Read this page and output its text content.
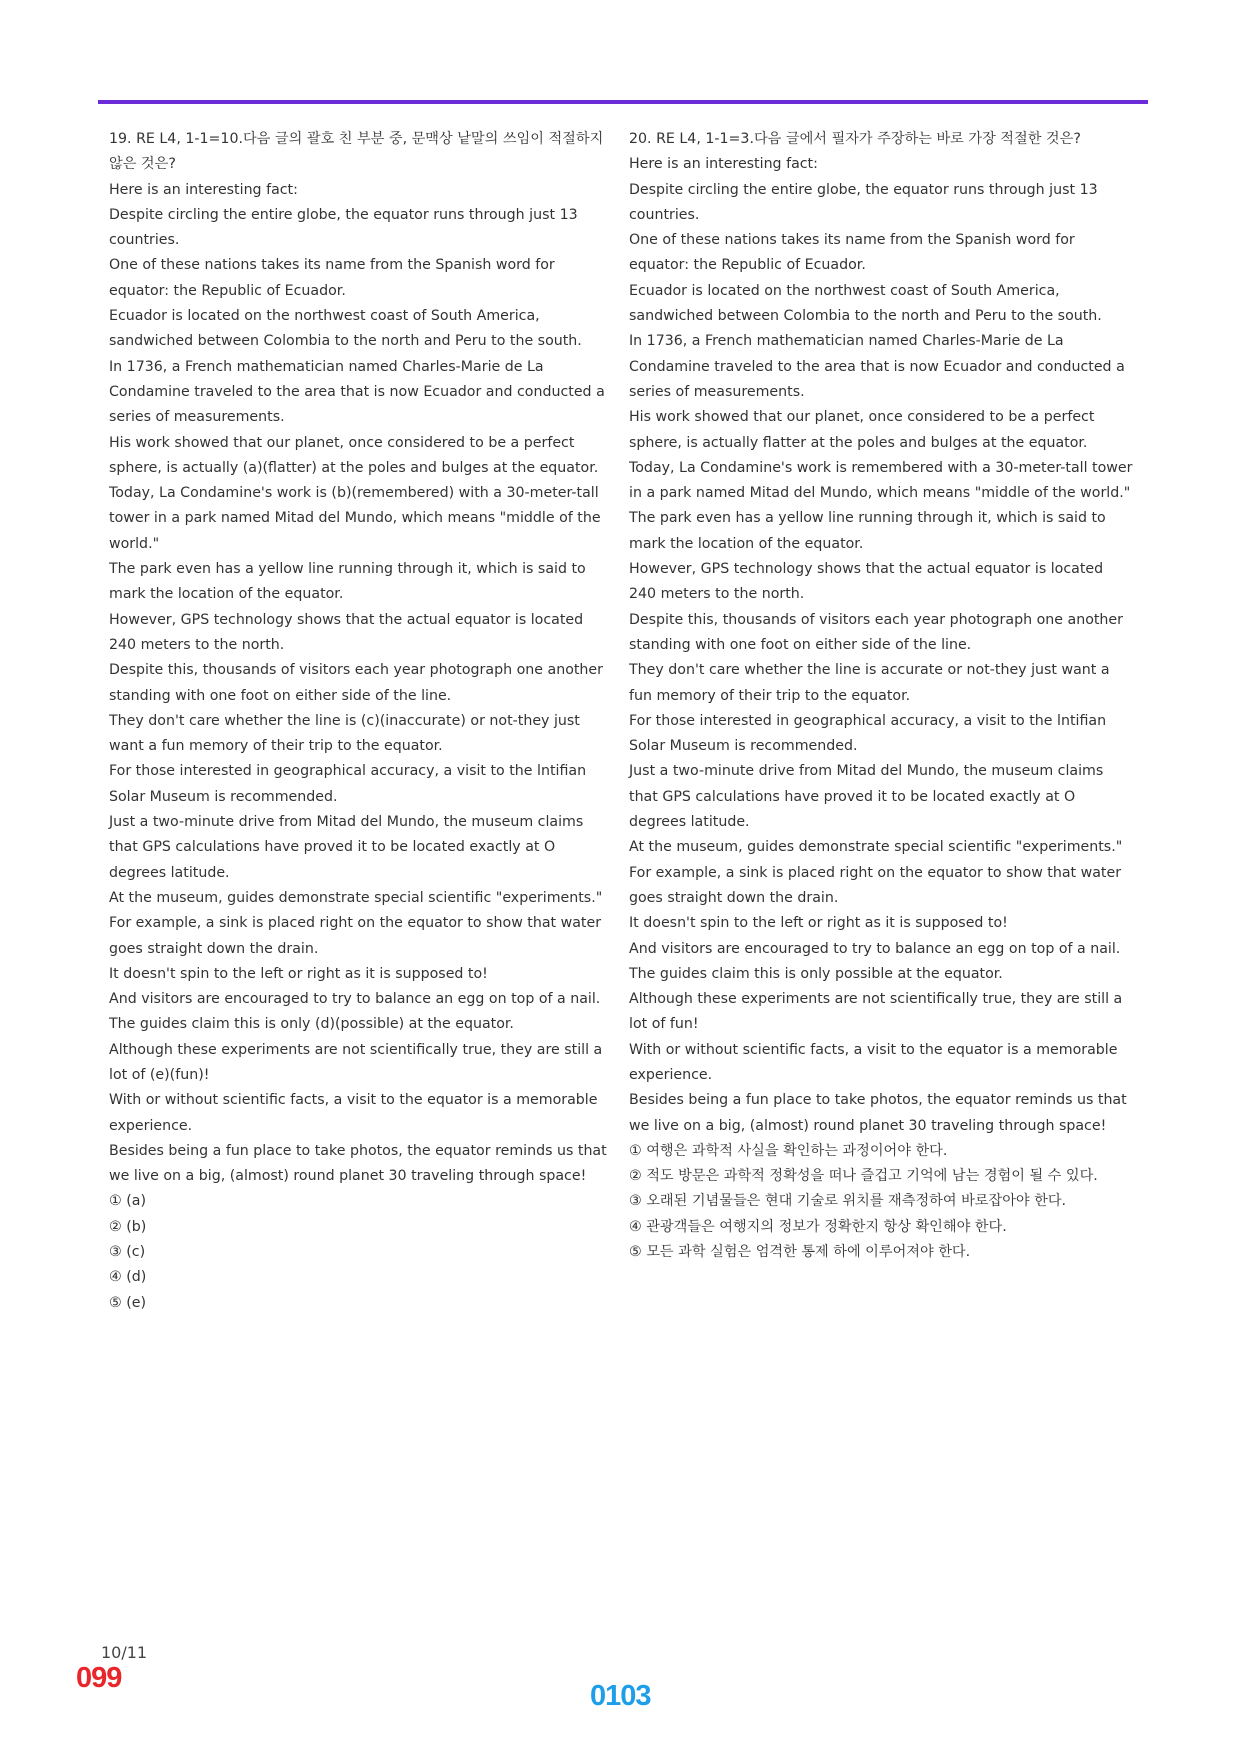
19. RE L4, 1-1=10.다음 글의 괄호 친 부분 중, 문맥상 낱말의 쓰임이 적절하지 않은 것은?

Here is an interesting fact:

Despite circling the entire globe, the equator runs through just 13 countries.

One of these nations takes its name from the Spanish word for equator: the Republic of Ecuador.

Ecuador is located on the northwest coast of South America, sandwiched between Colombia to the north and Peru to the south.

In 1736, a French mathematician named Charles-Marie de La Condamine traveled to the area that is now Ecuador and conducted a series of measurements.

His work showed that our planet, once considered to be a perfect sphere, is actually (a)(flatter) at the poles and bulges at the equator.

Today, La Condamine's work is (b)(remembered) with a 30-meter-tall tower in a park named Mitad del Mundo, which means "middle of the world."

The park even has a yellow line running through it, which is said to mark the location of the equator.

However, GPS technology shows that the actual equator is located 240 meters to the north.

Despite this, thousands of visitors each year photograph one another standing with one foot on either side of the line.

They don't care whether the line is (c)(inaccurate) or not-they just want a fun memory of their trip to the equator.

For those interested in geographical accuracy, a visit to the lntifian Solar Museum is recommended.

Just a two-minute drive from Mitad del Mundo, the museum claims that GPS calculations have proved it to be located exactly at O degrees latitude.

At the museum, guides demonstrate special scientific "experiments."

For example, a sink is placed right on the equator to show that water goes straight down the drain.

It doesn't spin to the left or right as it is supposed to!

And visitors are encouraged to try to balance an egg on top of a nail.

The guides claim this is only (d)(possible) at the equator.

Although these experiments are not scientifically true, they are still a lot of (e)(fun)!

With or without scientific facts, a visit to the equator is a memorable experience.

Besides being a fun place to take photos, the equator reminds us that we live on a big, (almost) round planet 30 traveling through space!

① (a)

② (b)

③ (c)

④ (d)

⑤ (e)

20. RE L4, 1-1=3.다음 글에서 필자가 주장하는 바로 가장 적절한 것은?

Here is an interesting fact:

Despite circling the entire globe, the equator runs through just 13 countries.

One of these nations takes its name from the Spanish word for equator: the Republic of Ecuador.

Ecuador is located on the northwest coast of South America, sandwiched between Colombia to the north and Peru to the south.

In 1736, a French mathematician named Charles-Marie de La Condamine traveled to the area that is now Ecuador and conducted a series of measurements.

His work showed that our planet, once considered to be a perfect sphere, is actually flatter at the poles and bulges at the equator.

Today, La Condamine's work is remembered with a 30-meter-tall tower in a park named Mitad del Mundo, which means "middle of the world."

The park even has a yellow line running through it, which is said to mark the location of the equator.

However, GPS technology shows that the actual equator is located 240 meters to the north.

Despite this, thousands of visitors each year photograph one another standing with one foot on either side of the line.

They don't care whether the line is accurate or not-they just want a fun memory of their trip to the equator.

For those interested in geographical accuracy, a visit to the lntifian Solar Museum is recommended.

Just a two-minute drive from Mitad del Mundo, the museum claims that GPS calculations have proved it to be located exactly at O degrees latitude.

At the museum, guides demonstrate special scientific "experiments."

For example, a sink is placed right on the equator to show that water goes straight down the drain.

It doesn't spin to the left or right as it is supposed to!

And visitors are encouraged to try to balance an egg on top of a nail.

The guides claim this is only possible at the equator.

Although these experiments are not scientifically true, they are still a lot of fun!

With or without scientific facts, a visit to the equator is a memorable experience.

Besides being a fun place to take photos, the equator reminds us that we live on a big, (almost) round planet 30 traveling through space!

① 여행은 과학적 사실을 확인하는 과정이어야 한다.

② 적도 방문은 과학적 정확성을 떠나 즐겁고 기억에 남는 경험이 될 수 있다.

③ 오래된 기념물들은 현대 기술로 위치를 재측정하여 바로잡아야 한다.

④ 관광객들은 여행지의 정보가 정확한지 항상 확인해야 한다.

⑤ 모든 과학 실험은 엄격한 통제 하에 이루어져야 한다.

10/11
099
0103
